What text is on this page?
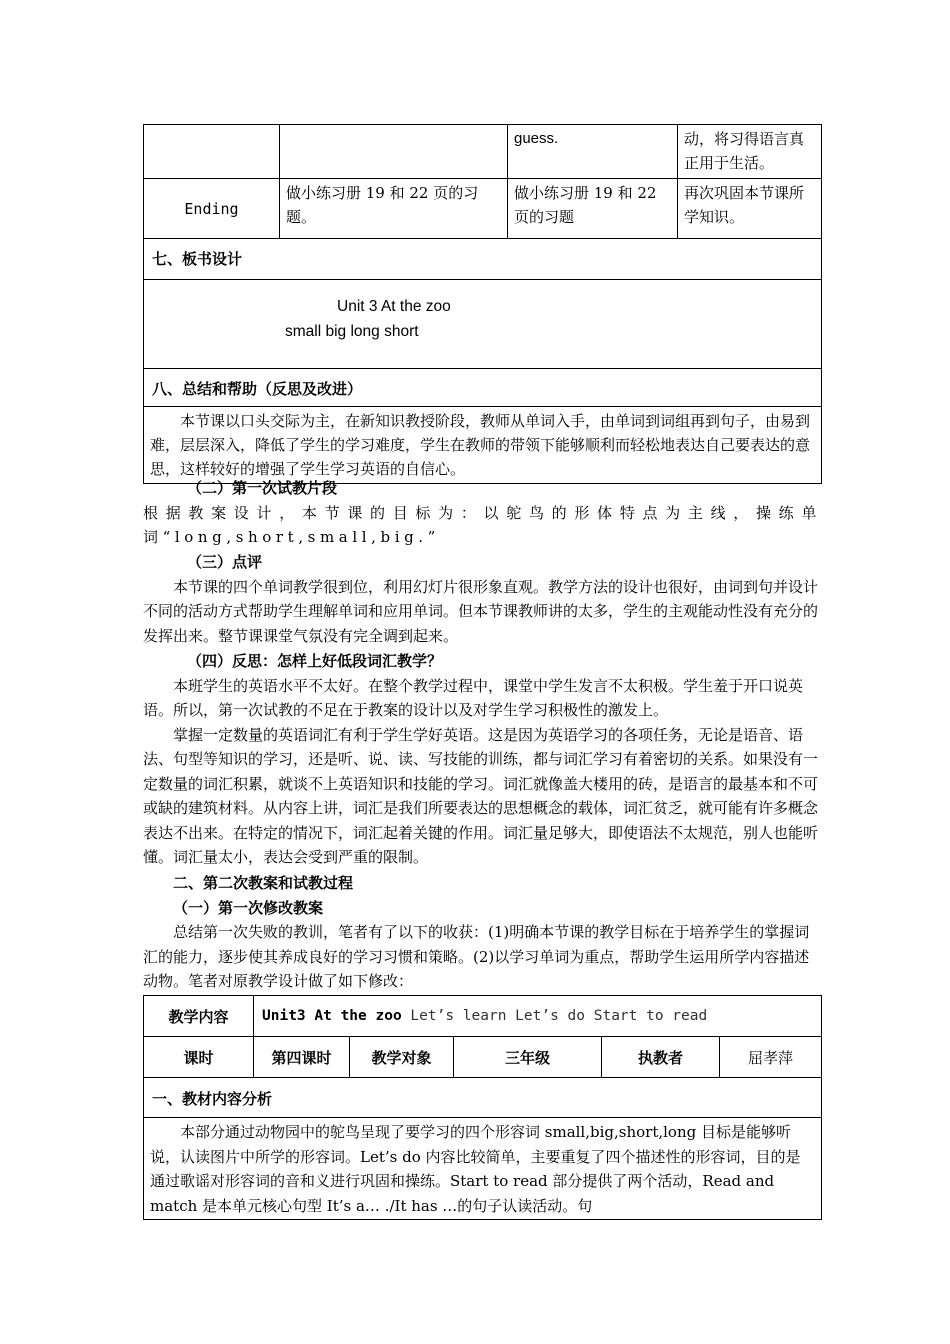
		guess.	动，将习得语言真正用于生活。
Ending	做小练习册 19 和 22 页的习题。	做小练习册 19 和 22 页的习题	再次巩固本节课所学知识。
七、板书设计			

Unit 3 At the zoo
small big long short			

八、总结和帮助（反思及改进）			
本节课以口头交际为主，在新知识教授阶段，教师从单词入手，由单词到词组再到句子，由易到难，层层深入，降低了学生的学习难度，学生在教师的带领下能够顺利而轻松地表达自己要表达的意思，这样较好的增强了学生学习英语的自信心。			
（二）第一次试教片段
根据教案设计，本节课的目标为：以鸵鸟的形体特点为主线，操练单词“long,short,small,big.”
（三）点评
本节课的四个单词教学很到位，利用幻灯片很形象直观。教学方法的设计也很好，由词到句并设计不同的活动方式帮助学生理解单词和应用单词。但本节课教师讲的太多，学生的主观能动性没有充分的发挥出来。整节课课堂气氛没有完全调到起来。
（四）反思：怎样上好低段词汇教学？
本班学生的英语水平不太好。在整个教学过程中，课堂中学生发言不太积极。学生羞于开口说英语。所以，第一次试教的不足在于教案的设计以及对学生学习积极性的激发上。
掌握一定数量的英语词汇有利于学生学好英语。这是因为英语学习的各项任务，无论是语音、语法、句型等知识的学习，还是听、说、读、写技能的训练，都与词汇学习有着密切的关系。如果没有一定数量的词汇积累，就谈不上英语知识和技能的学习。词汇就像盖大楼用的砖，是语言的最基本和不可或缺的建筑材料。从内容上讲，词汇是我们所要表达的思想概念的载体，词汇贫乏，就可能有许多概念表达不出来。在特定的情况下，词汇起着关键的作用。词汇量足够大，即使语法不太规范，别人也能听懂。词汇量太小，表达会受到严重的限制。
二、第二次教案和试教过程
（一）第一次修改教案
总结第一次失败的教训，笔者有了以下的收获：(1)明确本节课的教学目标在于培养学生的掌握词汇的能力，逐步使其养成良好的学习习惯和策略。(2)以学习单词为重点，帮助学生运用所学内容描述动物。笔者对原教学设计做了如下修改：
教学内容	Unit3 At the zoo Let’s learn Let’s do Start to read				
课时	第四课时	教学对象	三年级	执教者	屈孝萍
一、教材内容分析					
本部分通过动物园中的鸵鸟呈现了要学习的四个形容词 small,big,short,long 目标是能够听说，认读图片中所学的形容词。Let’s do 内容比较简单，主要重复了四个描述性的形容词，目的是通过歌谣对形容词的音和义进行巩固和操练。Start to read 部分提供了两个活动，Read and match 是本单元核心句型 It’s a… ./It has …的句子认读活动。句					
